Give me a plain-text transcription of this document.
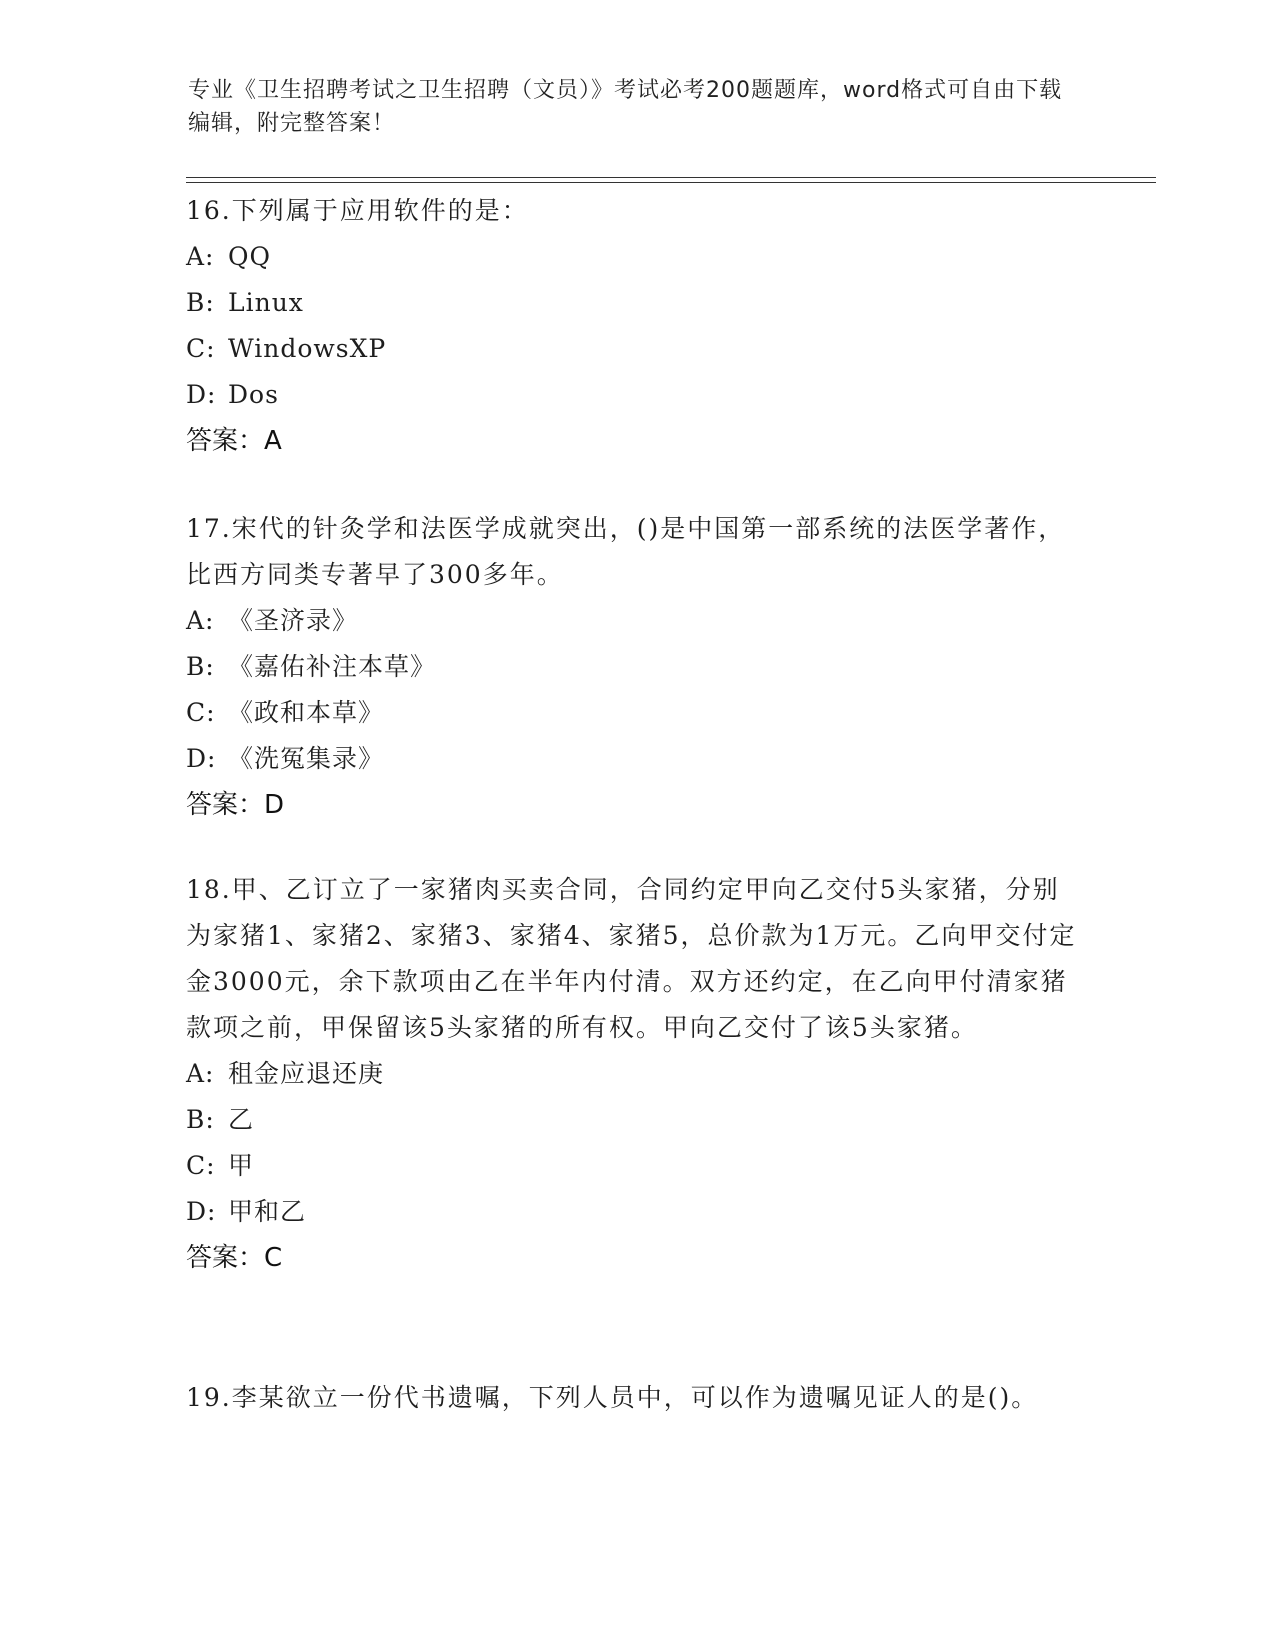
专业《卫生招聘考试之卫生招聘（文员）》考试必考200题题库，word格式可自由下载编辑，附完整答案！
16.下列属于应用软件的是：
A: QQ
B: Linux
C: WindowsXP
D: Dos
答案：A
17.宋代的针灸学和法医学成就突出，()是中国第一部系统的法医学著作，比西方同类专著早了300多年。
A: 《圣济录》
B: 《嘉佑补注本草》
C: 《政和本草》
D: 《洗冤集录》
答案：D
18.甲、乙订立了一家猪肉买卖合同，合同约定甲向乙交付5头家猪，分别为家猪1、家猪2、家猪3、家猪4、家猪5，总价款为1万元。乙向甲交付定金3000元，余下款项由乙在半年内付清。双方还约定，在乙向甲付清家猪款项之前，甲保留该5头家猪的所有权。甲向乙交付了该5头家猪。
A: 租金应退还庚
B: 乙
C: 甲
D: 甲和乙
答案：C
19.李某欲立一份代书遗嘱，下列人员中，可以作为遗嘱见证人的是()。
